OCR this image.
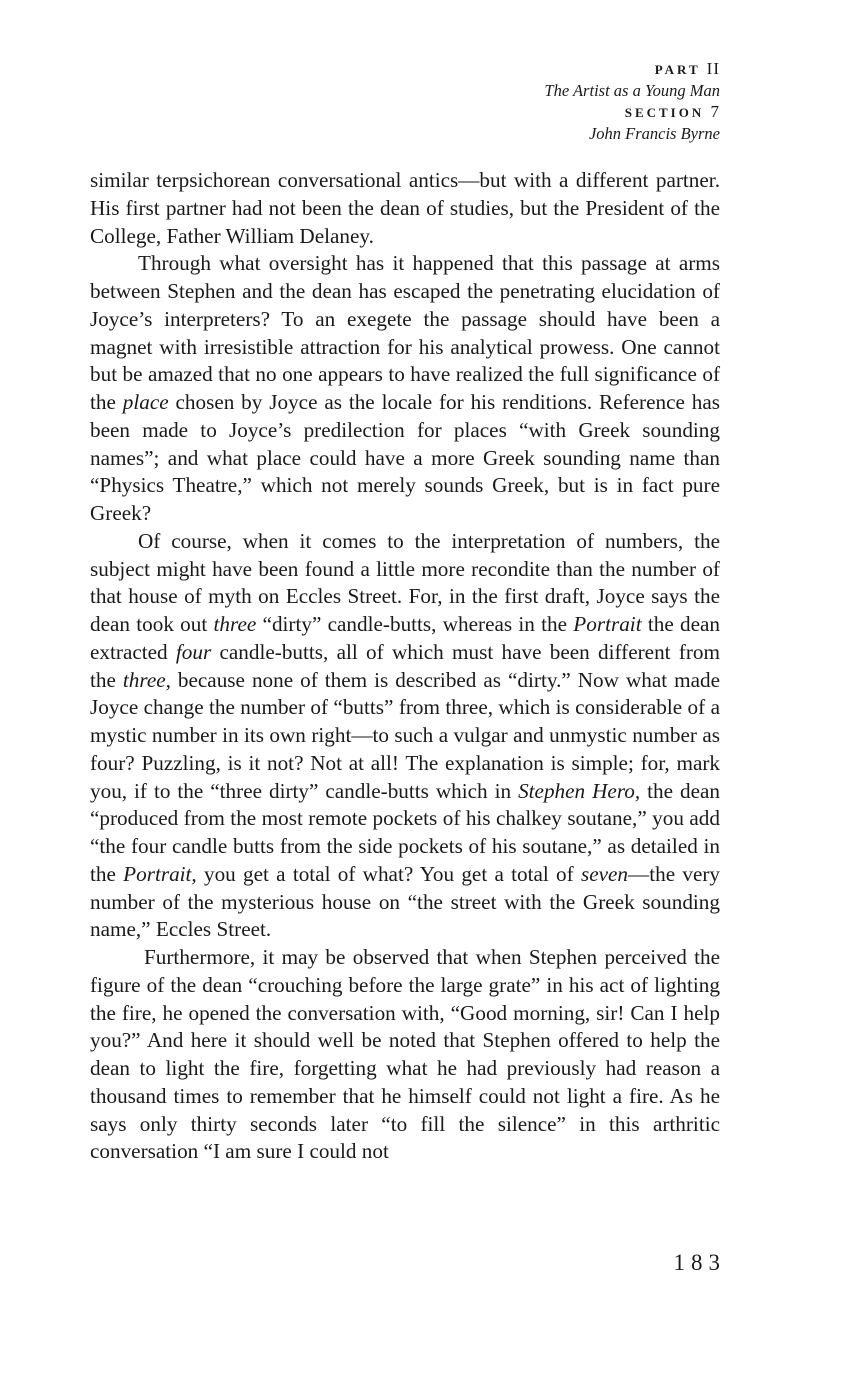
PART II
The Artist as a Young Man
SECTION 7
John Francis Byrne

similar terpsichorean conversational antics—but with a different partner. His first partner had not been the dean of studies, but the President of the College, Father William Delaney.

Through what oversight has it happened that this passage at arms between Stephen and the dean has escaped the penetrating elucidation of Joyce’s interpreters? To an exegete the passage should have been a magnet with irresistible attraction for his analytical prowess. One cannot but be amazed that no one appears to have realized the full significance of the place chosen by Joyce as the locale for his renditions. Reference has been made to Joyce’s predilection for places “with Greek sounding names”; and what place could have a more Greek sounding name than “Physics Theatre,” which not merely sounds Greek, but is in fact pure Greek?

Of course, when it comes to the interpretation of numbers, the subject might have been found a little more recondite than the number of that house of myth on Eccles Street. For, in the first draft, Joyce says the dean took out three “dirty” candle-butts, whereas in the Portrait the dean extracted four candle-butts, all of which must have been different from the three, because none of them is described as “dirty.” Now what made Joyce change the number of “butts” from three, which is considerable of a mystic number in its own right—to such a vulgar and unmystic number as four? Puzzling, is it not? Not at all! The explanation is simple; for, mark you, if to the “three dirty” candle-butts which in Stephen Hero, the dean “produced from the most remote pockets of his chalkey soutane,” you add “the four candle butts from the side pockets of his soutane,” as detailed in the Portrait, you get a total of what? You get a total of seven—the very number of the mysterious house on “the street with the Greek sounding name,” Eccles Street.

Furthermore, it may be observed that when Stephen perceived the figure of the dean “crouching before the large grate” in his act of lighting the fire, he opened the conversation with, “Good morning, sir! Can I help you?” And here it should well be noted that Stephen offered to help the dean to light the fire, forgetting what he had previously had reason a thousand times to remember that he himself could not light a fire. As he says only thirty seconds later “to fill the silence” in this arthritic conversation “I am sure I could not

183
